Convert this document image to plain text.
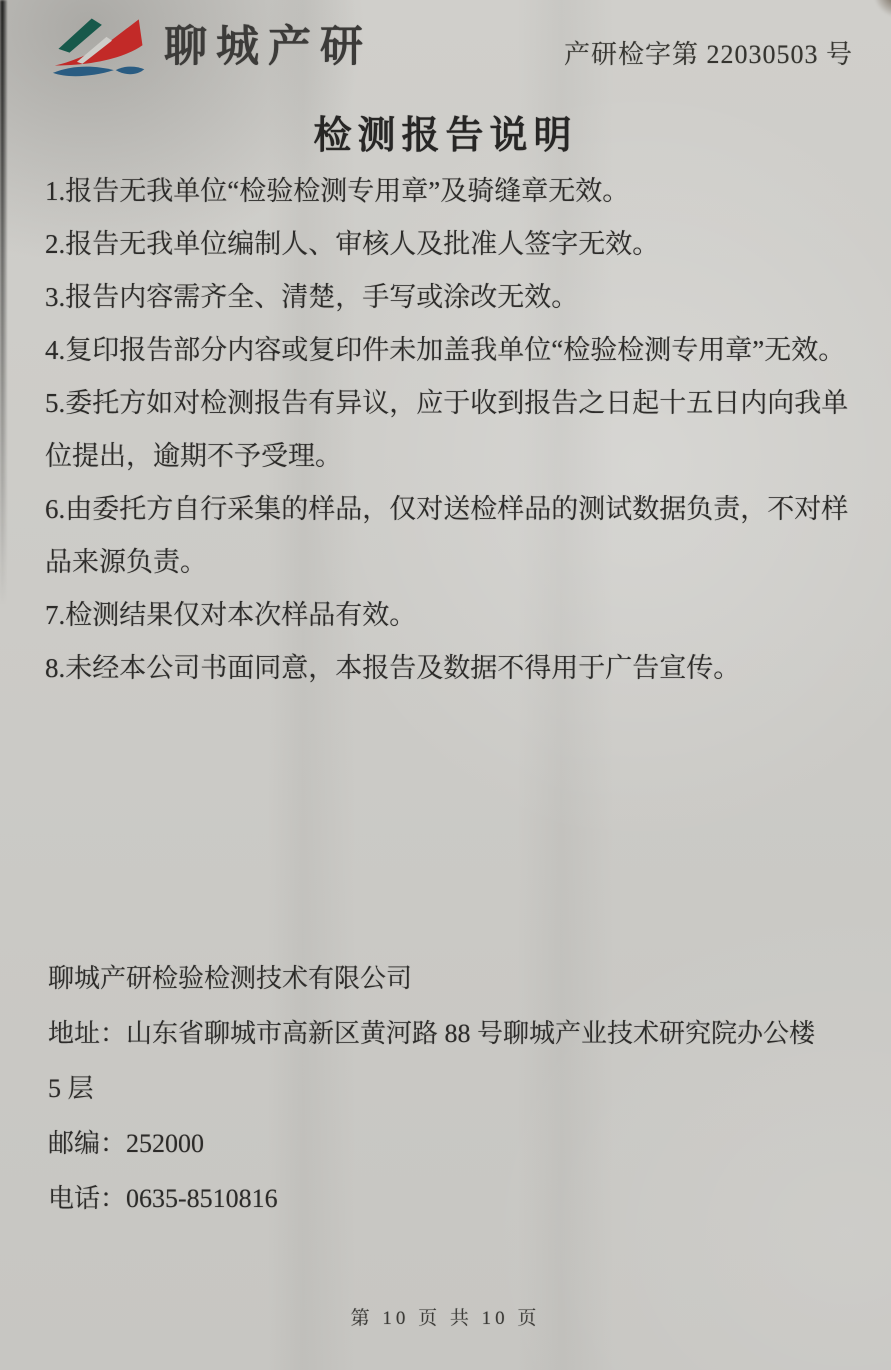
聊城产研	产研检字第 22030503 号
检测报告说明

1.报告无我单位“检验检测专用章”及骑缝章无效。

2.报告无我单位编制人、审核人及批准人签字无效。

3.报告内容需齐全、清楚，手写或涂改无效。

4.复印报告部分内容或复印件未加盖我单位“检验检测专用章”无效。

5.委托方如对检测报告有异议，应于收到报告之日起十五日内向我单位提出，逾期不予受理。

6.由委托方自行采集的样品，仅对送检样品的测试数据负责，不对样品来源负责。

7.检测结果仅对本次样品有效。

8.未经本公司书面同意，本报告及数据不得用于广告宣传。

聊城产研检验检测技术有限公司

地址：山东省聊城市高新区黄河路 88 号聊城产业技术研究院办公楼

5 层

邮编：252000

电话：0635-8510816

第 10 页 共 10 页
